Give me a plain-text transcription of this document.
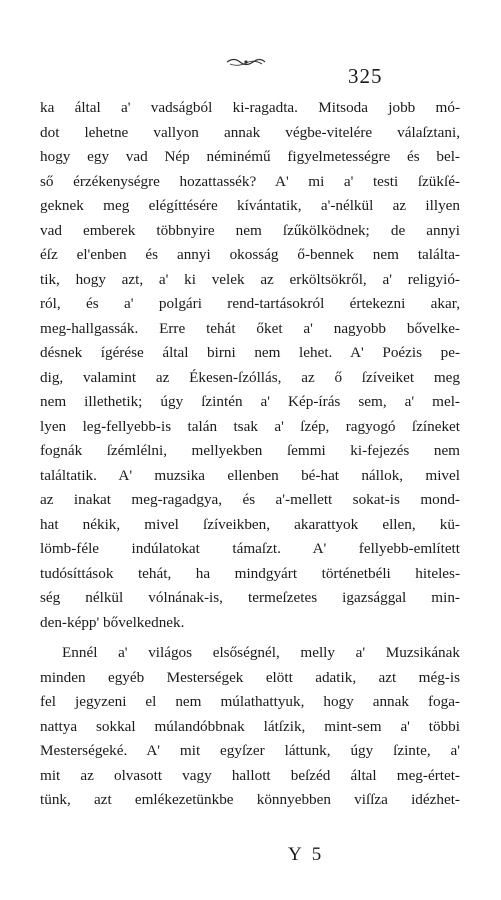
325
ka által a' vadságból ki-ragadta. Mitsoda jobb mó-
dot lehetne vallyon annak végbe-vitelére válaſztani,
hogy egy vad Nép néminémű figyelmetességre és bel-
ső érzékenységre hozattassék? A' mi a' testi ſzükſé-
geknek meg elégíttésére kívántatik, a'-nélkül az illyen
vad emberek többnyire nem ſzűkölködnek; de annyi
éſz el'enben és annyi okosság ő-bennek nem találta-
tik, hogy azt, a' ki velek az erköltsökről, a' religyió-
ról, és a' polgári rend-tartásokról értekezni akar,
meg-hallgassák. Erre tehát őket a' nagyobb bővelke-
désnek ígérése által birni nem lehet. A' Poézis pe-
dig, valamint az Ékesen-ſzóllás, az ő ſzíveiket meg
nem illethetik; úgy ſzintén a' Kép-írás sem, a' mel-
lyen leg-fellyebb-is talán tsak a' ſzép, ragyogó ſzíneket
fognák ſzémlélni, mellyekben ſemmi ki-fejezés nem
találtatik. A' muzsika ellenben bé-hat nállok, mivel
az inakat meg-ragadgya, és a'-mellett sokat-is mond-
hat nékik, mivel ſzíveikben, akarattyok ellen, kü-
lömb-féle indúlatokat támaſzt. A' fellyebb-említett
tudósíttások tehát, ha mindgyárt történetbéli hiteles-
ség nélkül vólnának-is, termeſzetes igazsággal min-
den-képp' bővelkednek.
Ennél a' világos elsőségnél, melly a' Muzsikának
minden egyéb Mesterségek elött adatik, azt még-is
fel jegyzeni el nem múlathattyuk, hogy annak foga-
nattya sokkal múlandóbbnak látſzik, mint-sem a' többi
Mesterségeké. A' mit egyſzer láttunk, úgy ſzinte, a'
mit az olvasott vagy hallott beſzéd által meg-értet-
tünk, azt emlékezetünkbe könnyebben viſſza idézhet-
Y 5
